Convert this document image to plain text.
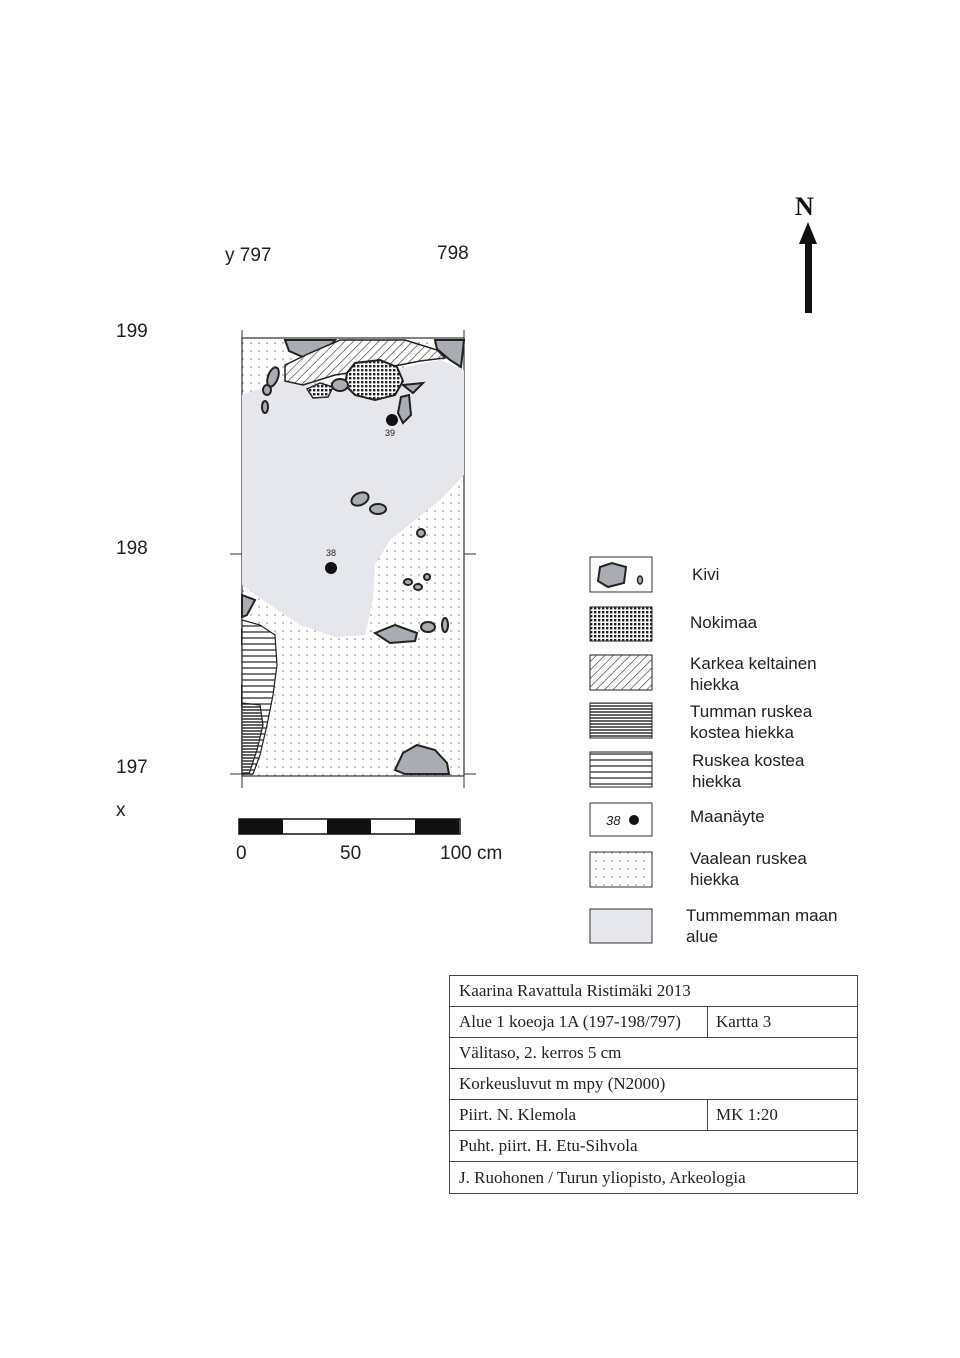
N
y 797	798
199
198
197
x
39
38
0	50	100 cm
38
Kivi
Nokimaa
Karkea keltainen
hiekka
Tumman ruskea
kostea hiekka
Ruskea kostea
hiekka
Maanäyte
Vaalean ruskea
hiekka
Tummemman maan
alue
Kaarina Ravattula Ristimäki 2013
Alue 1 koeoja 1A (197-198/797)	Kartta 3
Välitaso, 2. kerros 5 cm
Korkeusluvut m mpy (N2000)
Piirt. N. Klemola	MK 1:20
Puht. piirt. H. Etu-Sihvola
J. Ruohonen / Turun yliopisto, Arkeologia
